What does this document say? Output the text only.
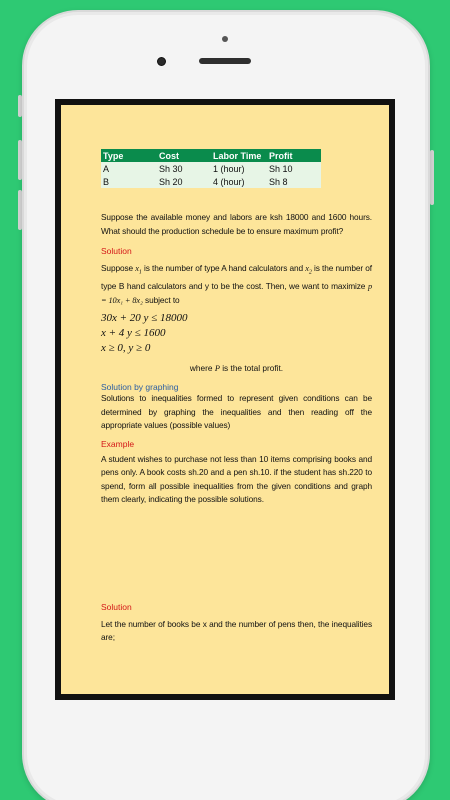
Type	Cost	Labor Time	Profit
A	Sh 30	1 (hour)	Sh 10
B	Sh 20	4 (hour)	Sh 8

Suppose the available money and labors are ksh 18000 and 1600 hours. What should the production schedule be to ensure maximum profit?

Solution

Suppose $x_1$ is the number of type A hand calculators and $x_2$ is the number of type B hand calculators and y to be the cost. Then, we want to maximize p = 10x₁ + 8x₂ subject to

30x + 20 y ≤ 18000
x + 4 y ≤ 1600
x ≥ 0, y ≥ 0
where P is the total profit.
Solution by graphing

Solutions to inequalities formed to represent given conditions can be determined by graphing the inequalities and then reading off the appropriate values (possible values)

Example

A student wishes to purchase not less than 10 items comprising books and pens only. A book costs sh.20 and a pen sh.10. if the student has sh.220 to spend, form all possible inequalities from the given conditions and graph them clearly, indicating the possible solutions.

Solution

Let the number of books be x and the number of pens then, the inequalities are;
